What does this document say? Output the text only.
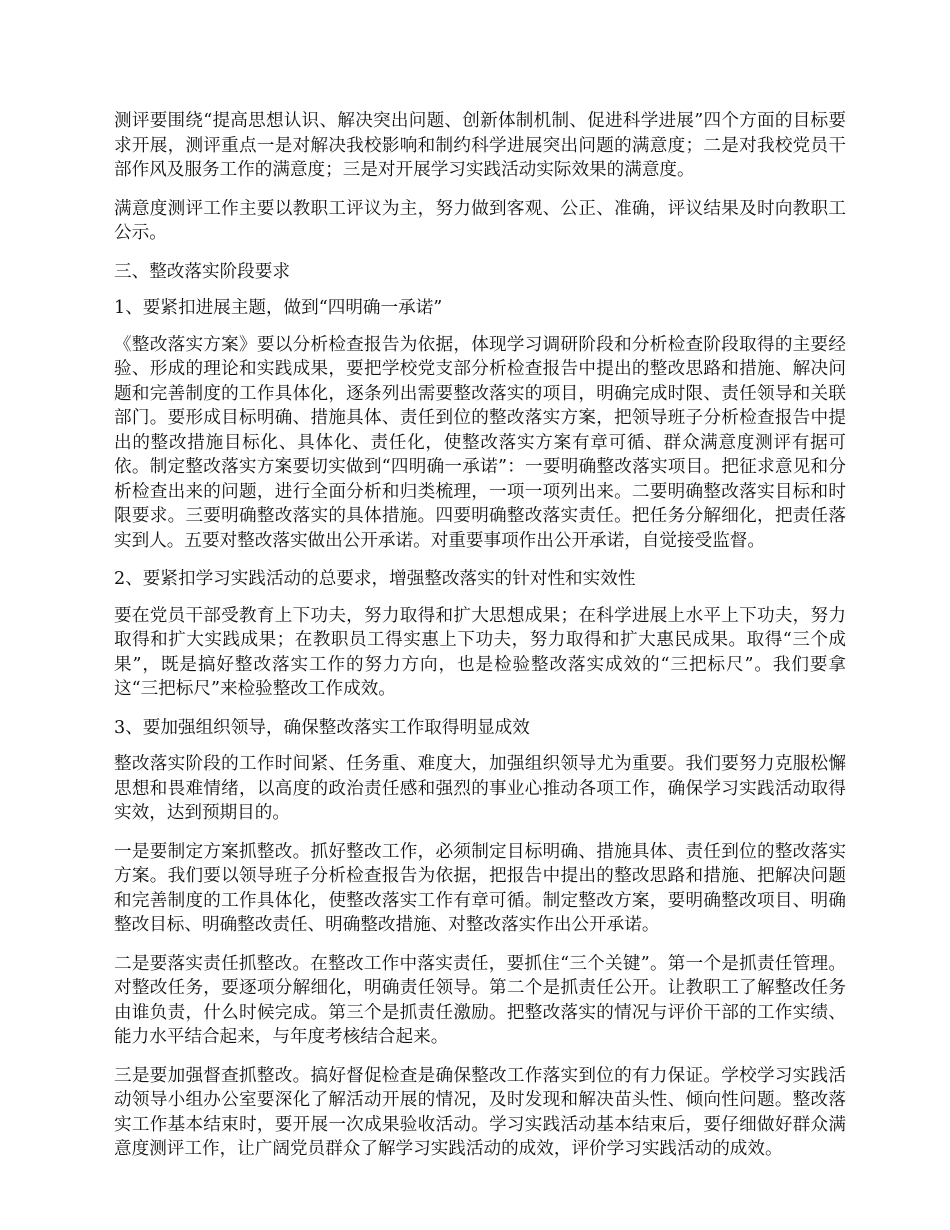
测评要围绕“提高思想认识、解决突出问题、创新体制机制、促进科学进展”四个方面的目标要求开展，测评重点一是对解决我校影响和制约科学进展突出问题的满意度；二是对我校党员干部作风及服务工作的满意度；三是对开展学习实践活动实际效果的满意度。

满意度测评工作主要以教职工评议为主，努力做到客观、公正、准确，评议结果及时向教职工公示。

三、整改落实阶段要求

1、要紧扣进展主题，做到“四明确一承诺”

《整改落实方案》要以分析检查报告为依据，体现学习调研阶段和分析检查阶段取得的主要经验、形成的理论和实践成果，要把学校党支部分析检查报告中提出的整改思路和措施、解决问题和完善制度的工作具体化，逐条列出需要整改落实的项目，明确完成时限、责任领导和关联部门。要形成目标明确、措施具体、责任到位的整改落实方案，把领导班子分析检查报告中提出的整改措施目标化、具体化、责任化，使整改落实方案有章可循、群众满意度测评有据可依。制定整改落实方案要切实做到“四明确一承诺”：一要明确整改落实项目。把征求意见和分析检查出来的问题，进行全面分析和归类梳理，一项一项列出来。二要明确整改落实目标和时限要求。三要明确整改落实的具体措施。四要明确整改落实责任。把任务分解细化，把责任落实到人。五要对整改落实做出公开承诺。对重要事项作出公开承诺，自觉接受监督。

2、要紧扣学习实践活动的总要求，增强整改落实的针对性和实效性

要在党员干部受教育上下功夫，努力取得和扩大思想成果；在科学进展上水平上下功夫，努力取得和扩大实践成果；在教职员工得实惠上下功夫，努力取得和扩大惠民成果。取得“三个成果”，既是搞好整改落实工作的努力方向，也是检验整改落实成效的“三把标尺”。我们要拿这“三把标尺”来检验整改工作成效。

3、要加强组织领导，确保整改落实工作取得明显成效

整改落实阶段的工作时间紧、任务重、难度大，加强组织领导尤为重要。我们要努力克服松懈思想和畏难情绪，以高度的政治责任感和强烈的事业心推动各项工作，确保学习实践活动取得实效，达到预期目的。

一是要制定方案抓整改。抓好整改工作，必须制定目标明确、措施具体、责任到位的整改落实方案。我们要以领导班子分析检查报告为依据，把报告中提出的整改思路和措施、把解决问题和完善制度的工作具体化，使整改落实工作有章可循。制定整改方案，要明确整改项目、明确整改目标、明确整改责任、明确整改措施、对整改落实作出公开承诺。

二是要落实责任抓整改。在整改工作中落实责任，要抓住“三个关键”。第一个是抓责任管理。对整改任务，要逐项分解细化，明确责任领导。第二个是抓责任公开。让教职工了解整改任务由谁负责，什么时候完成。第三个是抓责任激励。把整改落实的情况与评价干部的工作实绩、能力水平结合起来，与年度考核结合起来。

三是要加强督查抓整改。搞好督促检查是确保整改工作落实到位的有力保证。学校学习实践活动领导小组办公室要深化了解活动开展的情况，及时发现和解决苗头性、倾向性问题。整改落实工作基本结束时，要开展一次成果验收活动。学习实践活动基本结束后，要仔细做好群众满意度测评工作，让广阔党员群众了解学习实践活动的成效，评价学习实践活动的成效。
